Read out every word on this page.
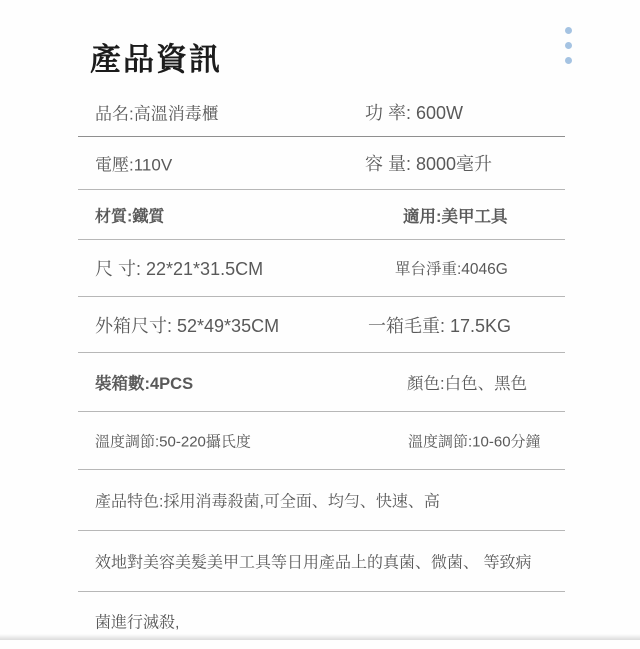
產品資訊
品名:高溫消毒櫃	功 率: 600W
電壓:110V	容 量: 8000毫升
材質:鐵質	適用:美甲工具
尺 寸: 22*21*31.5CM	單台淨重:4046G
外箱尺寸: 52*49*35CM	一箱毛重: 17.5KG
裝箱數:4PCS	顏色:白色、黑色
溫度調節:50-220攝氏度	溫度調節:10-60分鐘
產品特色:採用消毒殺菌,可全面、均勻、快速、高
效地對美容美髮美甲工具等日用產品上的真菌、微菌、 等致病
菌進行滅殺,
